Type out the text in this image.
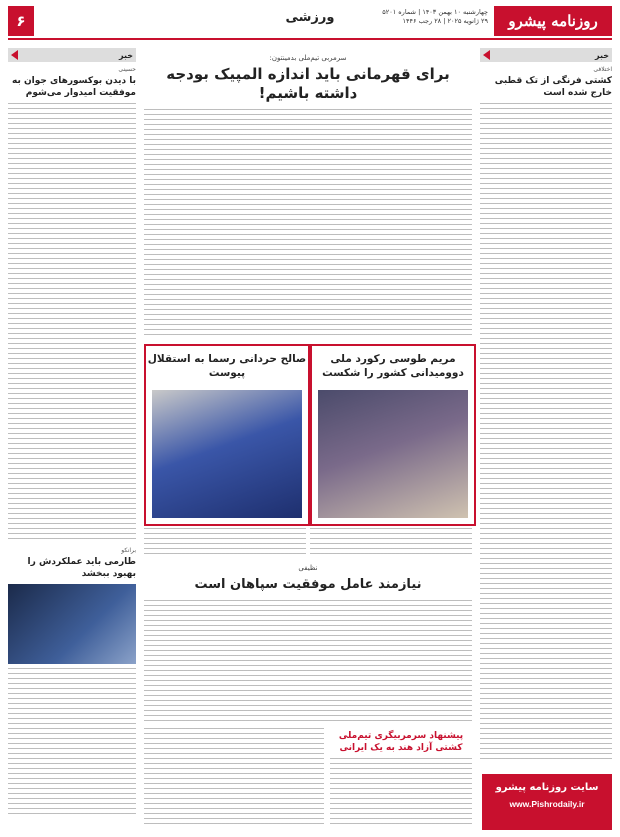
روزنامه پیشرو
چهارشنبه ۱۰ بهمن ۱۴۰۳ | شماره ۵۲۰۱
۲۹ ژانویه ۲۰۲۵ | ۲۸ رجب ۱۴۴۶
ورزشی
۶
خبر
اختلافی
کشتی فرنگی از تک قطبی خارج شده است
خبر
حسینی
با دیدن بوکسورهای جوان به موفقیت امیدوار می‌شوم
برانکو
طارمی باید عملکردش را بهبود ببخشد
سرمربی تیم‌ملی بدمینتون:
برای قهرمانی باید اندازه المپیک بودجه داشته باشیم!
مریم طوسی رکورد ملی دوومیدانی کشور را شکست
صالح حردانی رسما به استقلال پیوست
نظیفی
نیازمند عامل موفقیت سپاهان است
پیشنهاد سرمربیگری تیم‌ملی کشتی آزاد هند به یک ایرانی
سایت روزنامه پیشرو
www.Pishrodaily.ir
